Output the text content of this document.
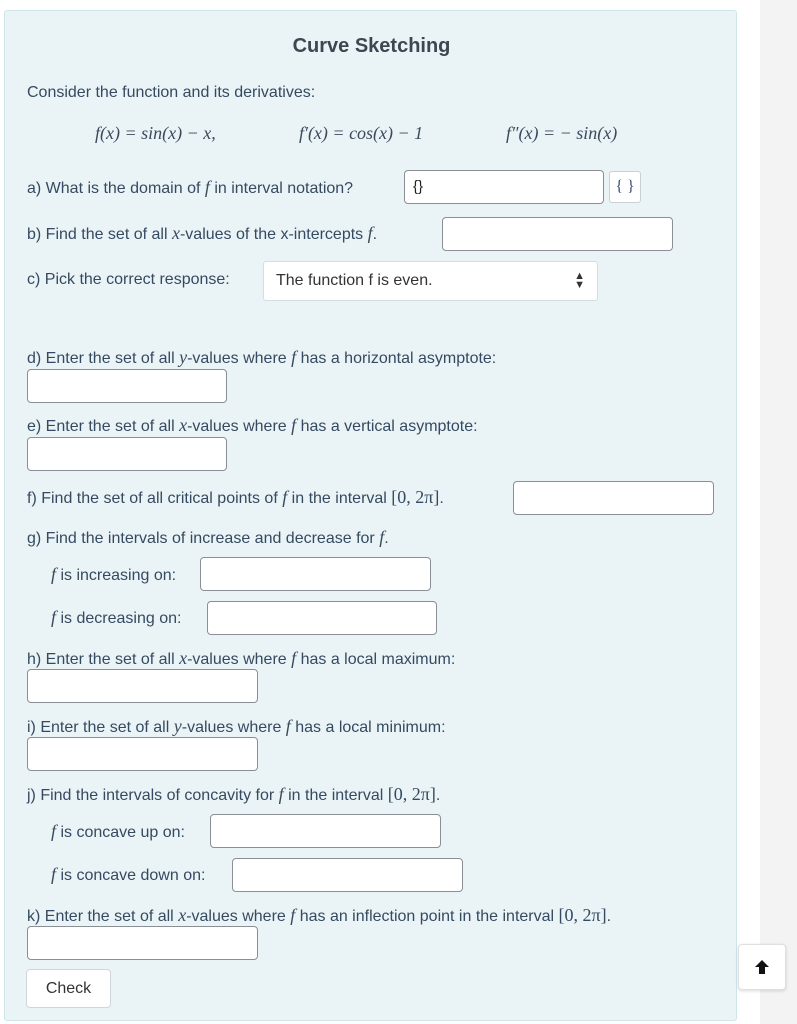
Curve Sketching
Consider the function and its derivatives:
f(x) = sin(x) − x,	f′(x) = cos(x) − 1	f″(x) = − sin(x)
a) What is the domain of f in interval notation?	{}	{ }
b) Find the set of all x-values of the x-intercepts f.
c) Pick the correct response:	The function f is even.	▲
▼
d) Enter the set of all y-values where f has a horizontal asymptote:
e) Enter the set of all x-values where f has a vertical asymptote:
f) Find the set of all critical points of f in the interval [0, 2π].
g) Find the intervals of increase and decrease for f.
f is increasing on:
f is decreasing on:
h) Enter the set of all x-values where f has a local maximum:
i) Enter the set of all y-values where f has a local minimum:
j) Find the intervals of concavity for f in the interval [0, 2π].
f is concave up on:
f is concave down on:
k) Enter the set of all x-values where f has an inflection point in the interval [0, 2π].
Check
